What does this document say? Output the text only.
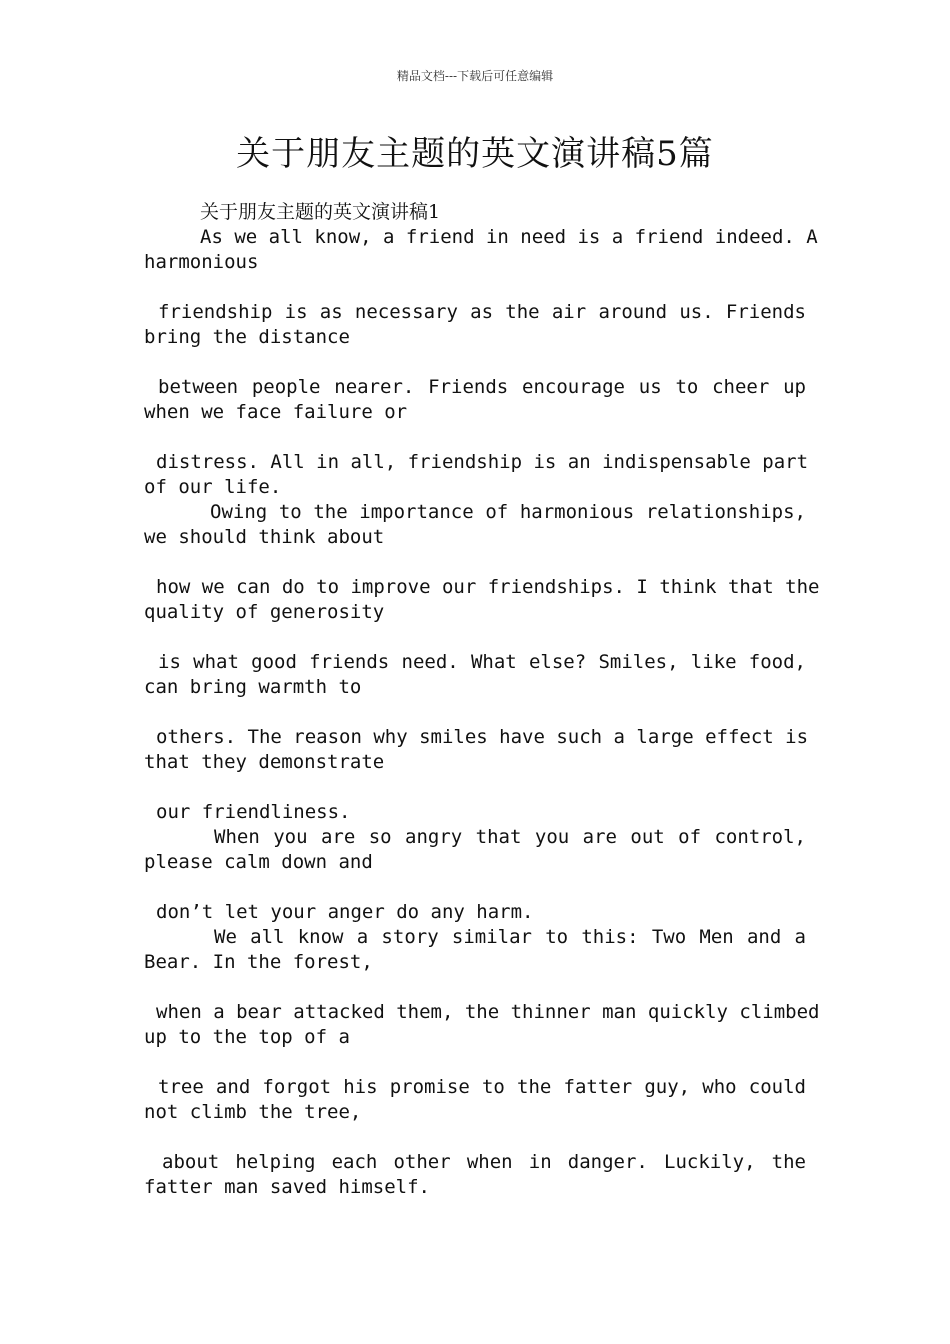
精品文档---下载后可任意编辑
关于朋友主题的英文演讲稿5篇
关于朋友主题的英文演讲稿1
As we all know, a friend in need is a friend indeed. A
harmonious
friendship is as necessary as the air around us. Friends
bring the distance
between people nearer. Friends encourage us to cheer up
when we face failure or
distress. All in all, friendship is an indispensable part
of our life.
Owing to the importance of harmonious relationships,
we should think about
how we can do to improve our friendships. I think that the
quality of generosity
is what good friends need. What else? Smiles, like food,
can bring warmth to
others. The reason why smiles have such a large effect is
that they demonstrate
our friendliness.
When you are so angry that you are out of control,
please calm down and
don’t let your anger do any harm.
We all know a story similar to this: Two Men and a
Bear. In the forest,
when a bear attacked them, the thinner man quickly climbed
up to the top of a
tree and forgot his promise to the fatter guy, who could
not climb the tree,
about helping each other when in danger. Luckily, the
fatter man saved himself.
